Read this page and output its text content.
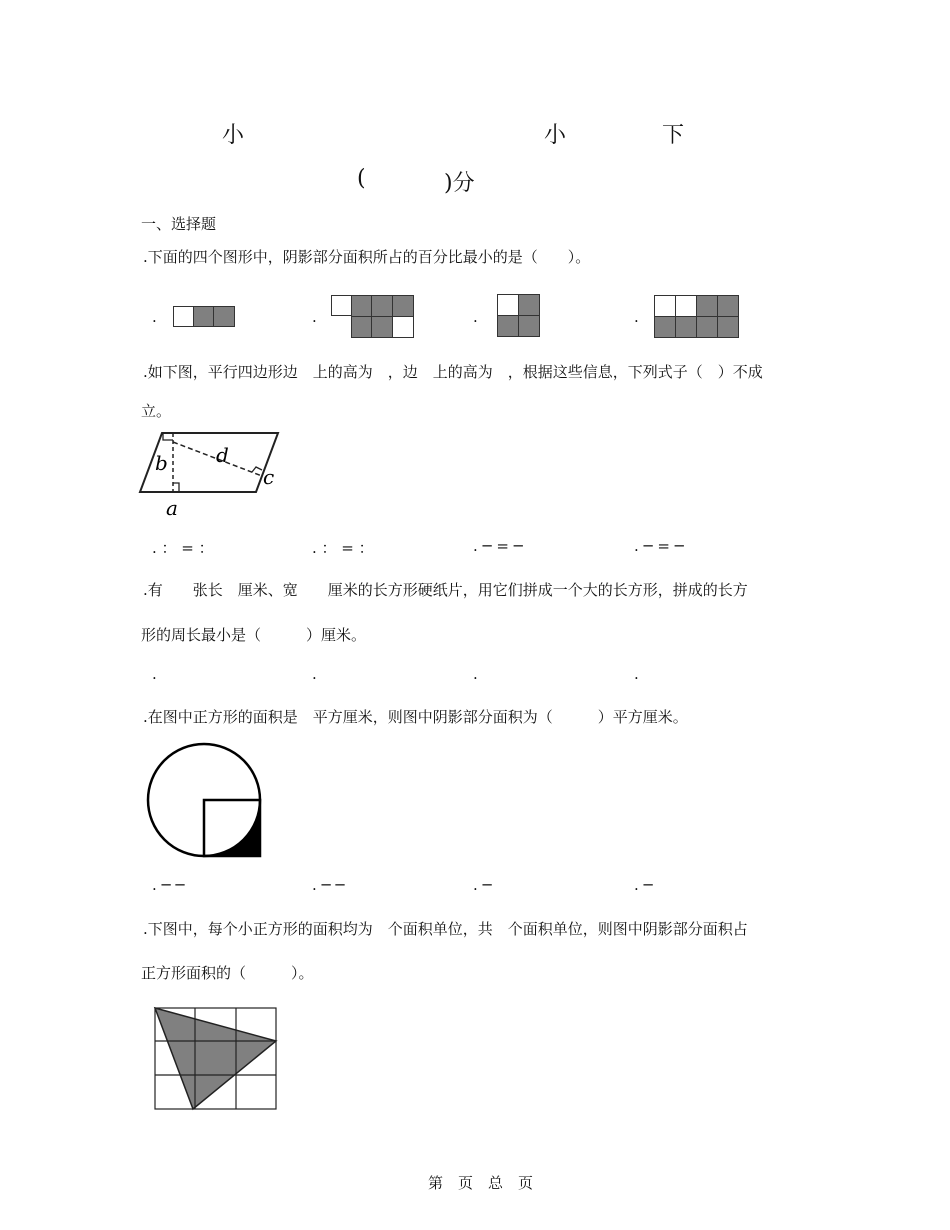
小	小	下
(	)分
一、选择题
.下面的四个图形中，阴影部分面积所占的百分比最小的是（　　）。
.	.	.	.
.如下图，平行四边形边　上的高为　，边　上的高为　，根据这些信息，下列式子（　）不成
立。
b d
c
a
. ： = ：	. ： = ：	. ─ = ─	. ─ = ─
.有　　张长　厘米、宽　　厘米的长方形硬纸片，用它们拼成一个大的长方形，拼成的长方
形的周长最小是（　　　）厘米。
.	.	.	.
.在图中正方形的面积是　平方厘米，则图中阴影部分面积为（　　　）平方厘米。
. ─ ─	. ─ ─	. ─	. ─
.下图中，每个小正方形的面积均为　个面积单位，共　个面积单位，则图中阴影部分面积占
正方形面积的（　　　）。
第　页　总　页
